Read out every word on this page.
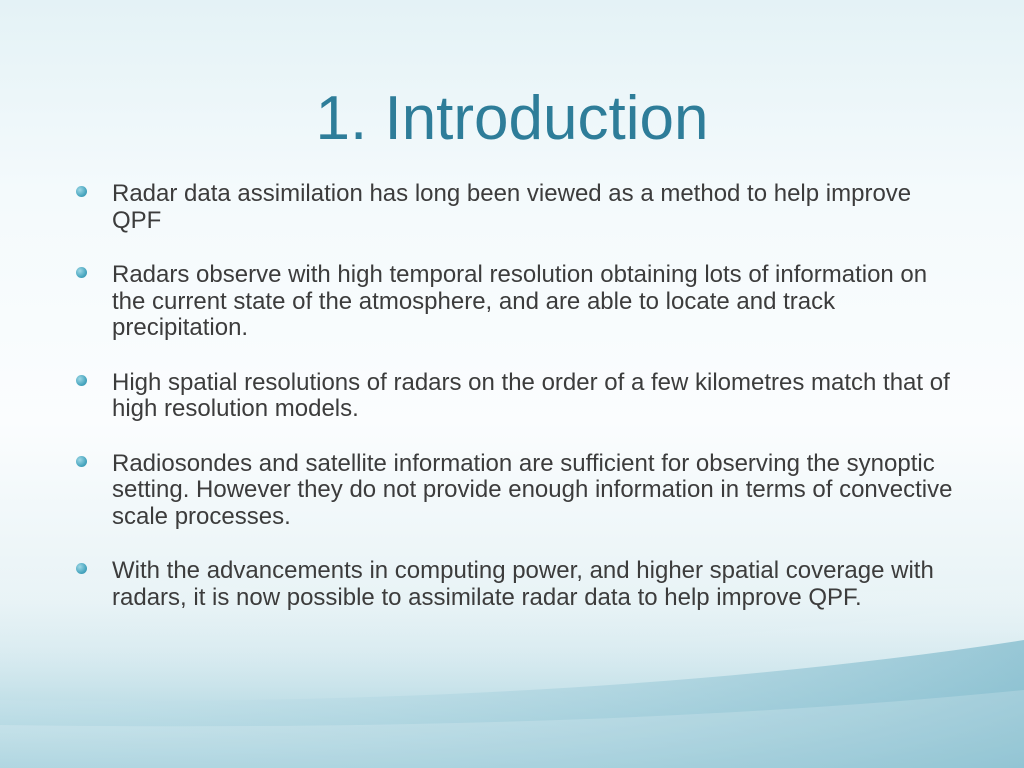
1. Introduction
Radar data assimilation has long been viewed as a method to help improve QPF
Radars observe with high temporal resolution obtaining lots of information on the current state of the atmosphere, and are able to locate and track precipitation.
High spatial resolutions of radars on the order of a few kilometres match that of high resolution models.
Radiosondes and satellite information are sufficient for observing the synoptic setting. However they do not provide enough information in terms of convective scale processes.
With the advancements in computing power, and higher spatial coverage with radars, it is now possible to assimilate radar data to help improve QPF.
